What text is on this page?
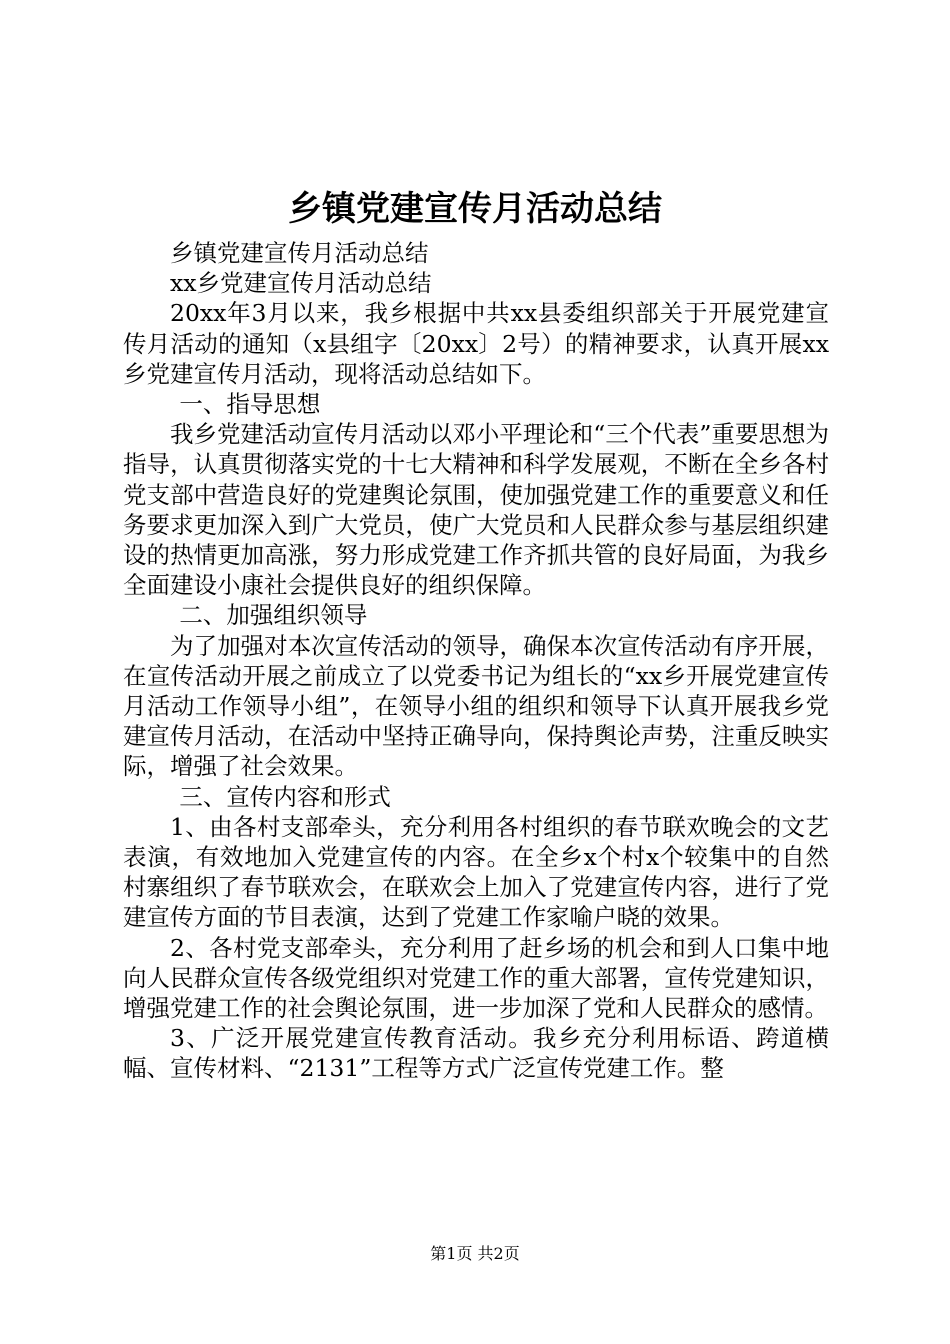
乡镇党建宣传月活动总结

乡镇党建宣传月活动总结

xx乡党建宣传月活动总结

20xx年3月以来，我乡根据中共xx县委组织部关于开展党建宣传月活动的通知（x县组字〔20xx〕2号）的精神要求，认真开展xx乡党建宣传月活动，现将活动总结如下。

一、指导思想

我乡党建活动宣传月活动以邓小平理论和“三个代表”重要思想为指导，认真贯彻落实党的十七大精神和科学发展观，不断在全乡各村党支部中营造良好的党建舆论氛围，使加强党建工作的重要意义和任务要求更加深入到广大党员，使广大党员和人民群众参与基层组织建设的热情更加高涨，努力形成党建工作齐抓共管的良好局面，为我乡全面建设小康社会提供良好的组织保障。

二、加强组织领导

为了加强对本次宣传活动的领导，确保本次宣传活动有序开展，在宣传活动开展之前成立了以党委书记为组长的“xx乡开展党建宣传月活动工作领导小组”，在领导小组的组织和领导下认真开展我乡党建宣传月活动，在活动中坚持正确导向，保持舆论声势，注重反映实际，增强了社会效果。

三、宣传内容和形式

1、由各村支部牵头，充分利用各村组织的春节联欢晚会的文艺表演，有效地加入党建宣传的内容。在全乡x个村x个较集中的自然村寨组织了春节联欢会，在联欢会上加入了党建宣传内容，进行了党建宣传方面的节目表演，达到了党建工作家喻户晓的效果。

2、各村党支部牵头，充分利用了赶乡场的机会和到人口集中地向人民群众宣传各级党组织对党建工作的重大部署，宣传党建知识，增强党建工作的社会舆论氛围，进一步加深了党和人民群众的感情。

3、广泛开展党建宣传教育活动。我乡充分利用标语、跨道横幅、宣传材料、“2131”工程等方式广泛宣传党建工作。整

第1页 共2页
